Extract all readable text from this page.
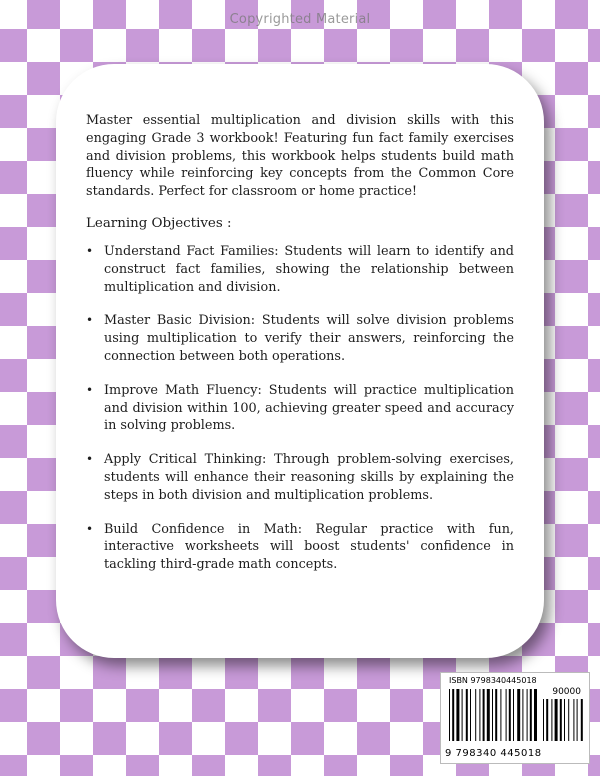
Copyrighted Material

Master essential multiplication and division skills with this engaging Grade 3 workbook! Featuring fun fact family exercises and division problems, this workbook helps students build math fluency while reinforcing key concepts from the Common Core standards. Perfect for classroom or home practice!

Learning Objectives :
• Understand Fact Families: Students will learn to identify and construct fact families, showing the relationship between multiplication and division.
• Master Basic Division: Students will solve division problems using multiplication to verify their answers, reinforcing the connection between both operations.
• Improve Math Fluency: Students will practice multiplication and division within 100, achieving greater speed and accuracy in solving problems.
• Apply Critical Thinking: Through problem-solving exercises, students will enhance their reasoning skills by explaining the steps in both division and multiplication problems.
• Build Confidence in Math: Regular practice with fun, interactive worksheets will boost students' confidence in tackling third-grade math concepts.
ISBN 9798340445018
90000
9 798340 445018
